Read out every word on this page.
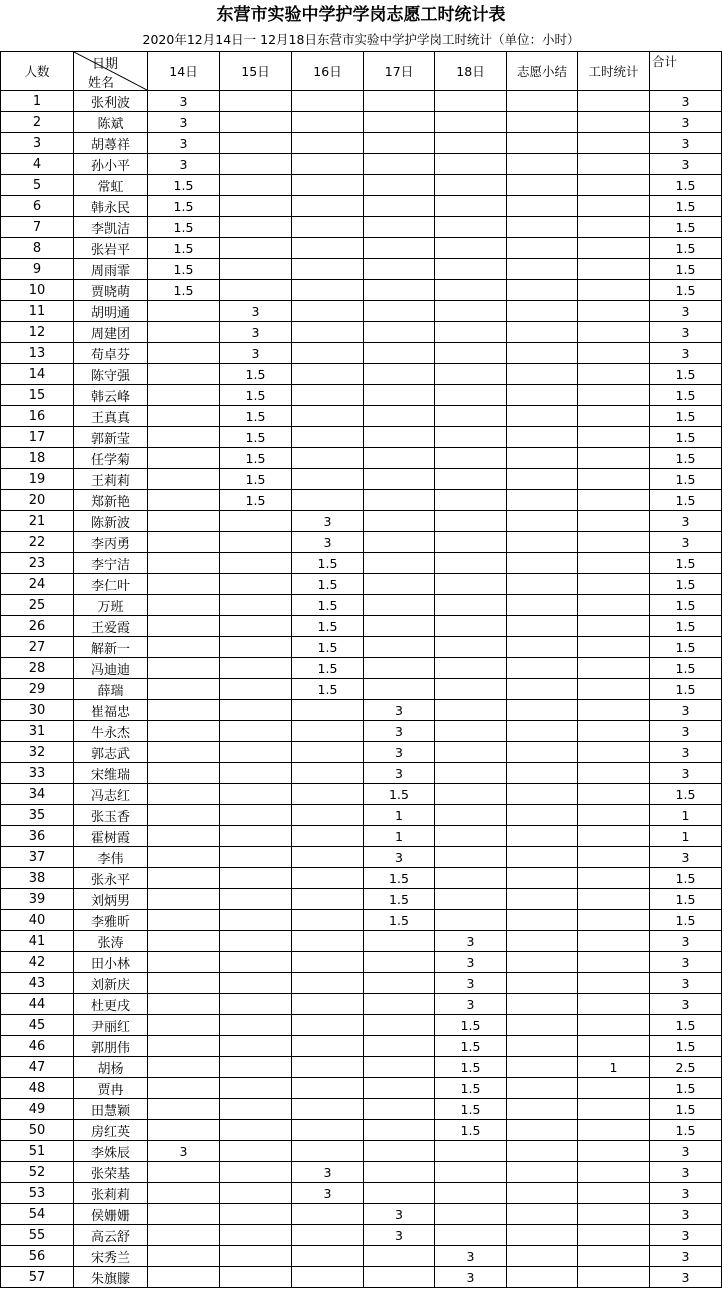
东营市实验中学护学岗志愿工时统计表
2020年12月14日一 12月18日东营市实验中学护学岗工时统计（单位：小时）
人数	日期
姓名	14日	15日	16日	17日	18日	志愿小结	工时统计	合计
1	张利波	3							3
2	陈斌	3							3
3	胡蕁祥	3							3
4	孙小平	3							3
5	常虹	1.5							1.5
6	韩永民	1.5							1.5
7	李凯洁	1.5							1.5
8	张岩平	1.5							1.5
9	周雨霏	1.5							1.5
10	贾晓萌	1.5							1.5
11	胡明通		3						3
12	周建团		3						3
13	苟卓芬		3						3
14	陈守强		1.5						1.5
15	韩云峰		1.5						1.5
16	王真真		1.5						1.5
17	郭新莹		1.5						1.5
18	任学菊		1.5						1.5
19	王莉莉		1.5						1.5
20	郑新艳		1.5						1.5
21	陈新波			3					3
22	李丙勇			3					3
23	李宁洁			1.5					1.5
24	李仁叶			1.5					1.5
25	万班			1.5					1.5
26	王爱霞			1.5					1.5
27	解新一			1.5					1.5
28	冯迪迪			1.5					1.5
29	薛瑞			1.5					1.5
30	崔福忠				3				3
31	牛永杰				3				3
32	郭志武				3				3
33	宋维瑞				3				3
34	冯志红				1.5				1.5
35	张玉香				1				1
36	霍树霞				1				1
37	李伟				3				3
38	张永平				1.5				1.5
39	刘炳男				1.5				1.5
40	李雅昕				1.5				1.5
41	张涛					3			3
42	田小林					3			3
43	刘新庆					3			3
44	杜更戌					3			3
45	尹丽红					1.5			1.5
46	郭朋伟					1.5			1.5
47	胡杨					1.5		1	2.5
48	贾冉					1.5			1.5
49	田慧颖					1.5			1.5
50	房红英					1.5			1.5
51	李姝辰	3							3
52	张荣基			3					3
53	张莉莉			3					3
54	侯姗姗				3				3
55	高云舒				3				3
56	宋秀兰					3			3
57	朱旗朦					3			3
